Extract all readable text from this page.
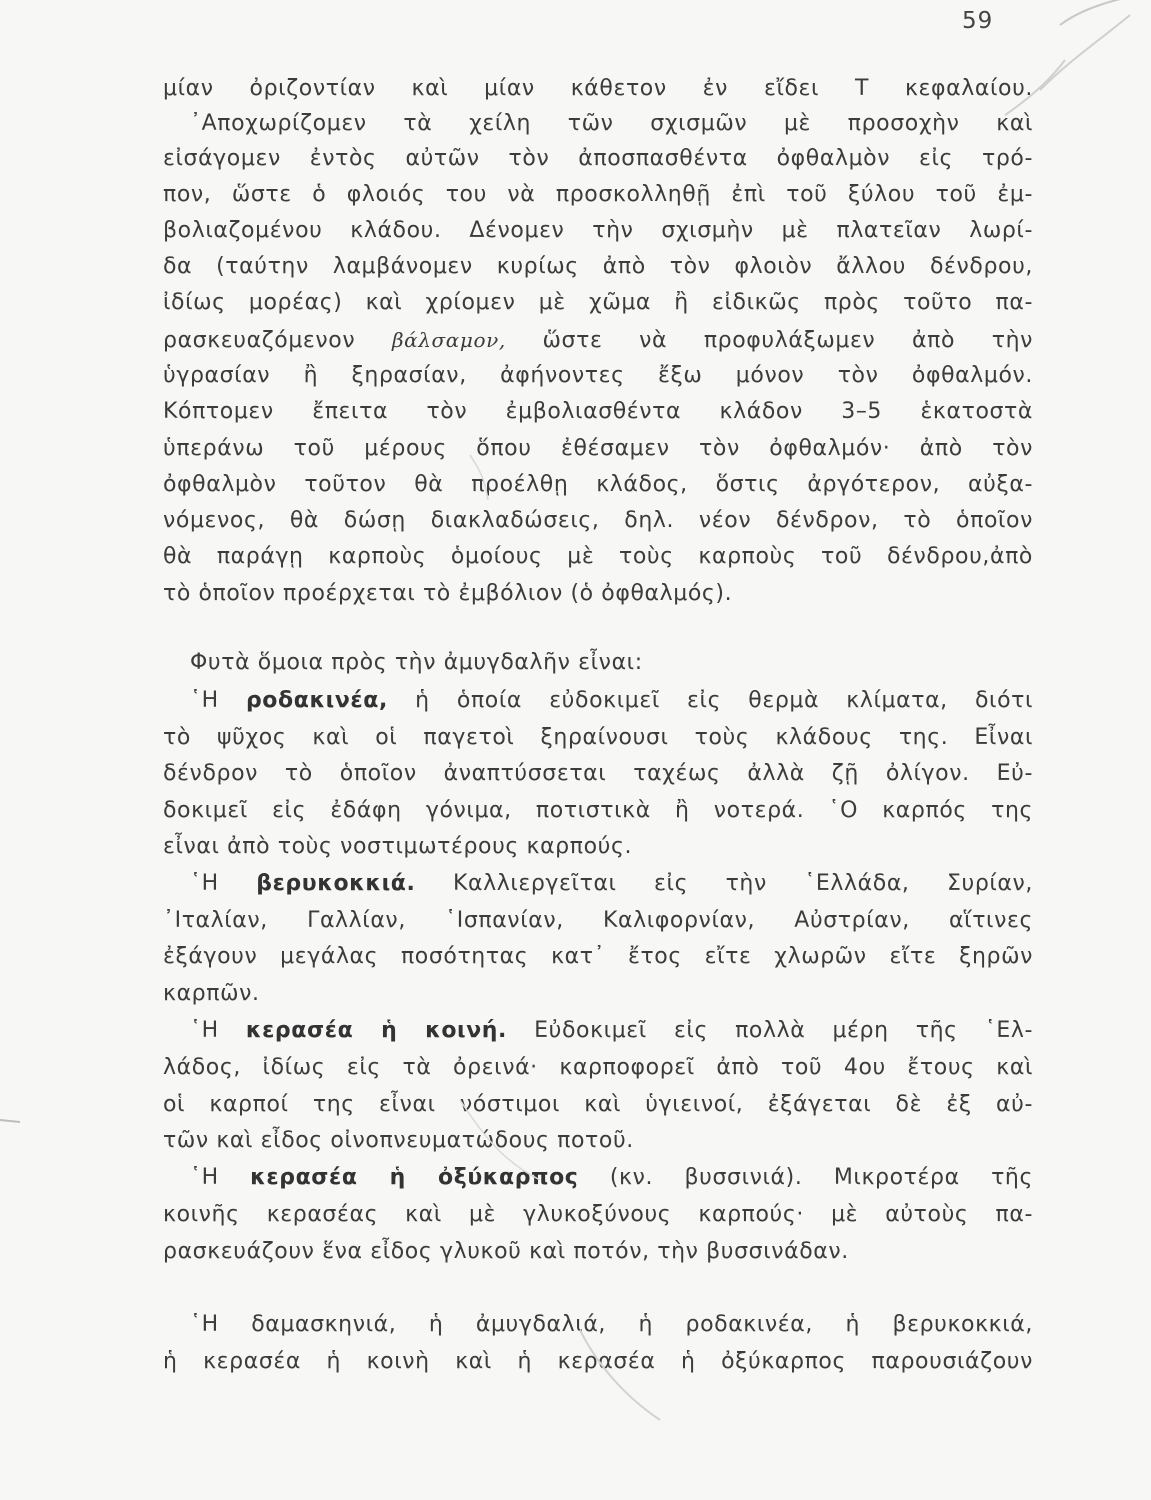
59
μίαν ὀριζοντίαν καὶ μίαν κάθετον ἐν εἴδει Τ κεφαλαίου.
᾿Αποχωρίζομεν τὰ χείλη τῶν σχισμῶν μὲ προσοχὴν καὶ
εἰσάγομεν ἐντὸς αὐτῶν τὸν ἀποσπασθέντα ὀφθαλμὸν εἰς τρό-
πον, ὥστε ὁ φλοιός του νὰ προσκολληθῇ ἐπὶ τοῦ ξύλου τοῦ ἐμ-
βολιαζομένου κλάδου. Δένομεν τὴν σχισμὴν μὲ πλατεῖαν λωρί-
δα (ταύτην λαμβάνομεν κυρίως ἀπὸ τὸν φλοιὸν ἄλλου δένδρου,
ἰδίως μορέας) καὶ χρίομεν μὲ χῶμα ἢ εἰδικῶς πρὸς τοῦτο πα-
ρασκευαζόμενον βάλσαμον, ὥστε νὰ προφυλάξωμεν ἀπὸ τὴν
ὑγρασίαν ἢ ξηρασίαν, ἀφήνοντες ἔξω μόνον τὸν ὀφθαλμόν.
Κόπτομεν ἔπειτα τὸν ἐμβολιασθέντα κλάδον 3–5 ἑκατοστὰ
ὑπεράνω τοῦ μέρους ὅπου ἐθέσαμεν τὸν ὀφθαλμόν· ἀπὸ τὸν
ὀφθαλμὸν τοῦτον θὰ προέλθῃ κλάδος, ὅστις ἀργότερον, αὐξα-
νόμενος, θὰ δώσῃ διακλαδώσεις, δηλ. νέον δένδρον, τὸ ὁποῖον
θὰ παράγῃ καρποὺς ὁμοίους μὲ τοὺς καρποὺς τοῦ δένδρου,ἀπὸ
τὸ ὁποῖον προέρχεται τὸ ἐμβόλιον (ὁ ὀφθαλμός).
Φυτὰ ὅμοια πρὸς τὴν ἀμυγδαλῆν εἶναι:
῾Η ροδακινέα, ἡ ὁποία εὐδοκιμεῖ εἰς θερμὰ κλίματα, διότι
τὸ ψῦχος καὶ οἱ παγετοὶ ξηραίνουσι τοὺς κλάδους της. Εἶναι
δένδρον τὸ ὁποῖον ἀναπτύσσεται ταχέως ἀλλὰ ζῇ ὀλίγον. Εὐ-
δοκιμεῖ εἰς ἐδάφη γόνιμα, ποτιστικὰ ἢ νοτερά. ῾Ο καρπός της
εἶναι ἀπὸ τοὺς νοστιμωτέρους καρπούς.
῾Η βερυκοκκιά. Καλλιεργεῖται εἰς τὴν ῾Ελλάδα, Συρίαν,
᾿Ιταλίαν, Γαλλίαν, ῾Ισπανίαν, Καλιφορνίαν, Αὐστρίαν, αἵτινες
ἐξάγουν μεγάλας ποσότητας κατ᾿ ἔτος εἴτε χλωρῶν εἴτε ξηρῶν
καρπῶν.
῾Η κερασέα ἡ κοινή. Εὐδοκιμεῖ εἰς πολλὰ μέρη τῆς ῾Ελ-
λάδος, ἰδίως εἰς τὰ ὀρεινά· καρποφορεῖ ἀπὸ τοῦ 4ου ἔτους καὶ
οἱ καρποί της εἶναι νόστιμοι καὶ ὑγιεινοί, ἐξάγεται δὲ ἐξ αὐ-
τῶν καὶ εἶδος οἰνοπνευματώδους ποτοῦ.
῾Η κερασέα ἡ ὀξύκαρπος (κν. βυσσινιά). Μικροτέρα τῆς
κοινῆς κερασέας καὶ μὲ γλυκοξύνους καρπούς· μὲ αὐτοὺς πα-
ρασκευάζουν ἕνα εἶδος γλυκοῦ καὶ ποτόν, τὴν βυσσινάδαν.
῾Η δαμασκηνιά, ἡ ἀμυγδαλιά, ἡ ροδακινέα, ἡ βερυκοκκιά,
ἡ κερασέα ἡ κοινὴ καὶ ἡ κερασέα ἡ ὀξύκαρπος παρουσιάζουν
